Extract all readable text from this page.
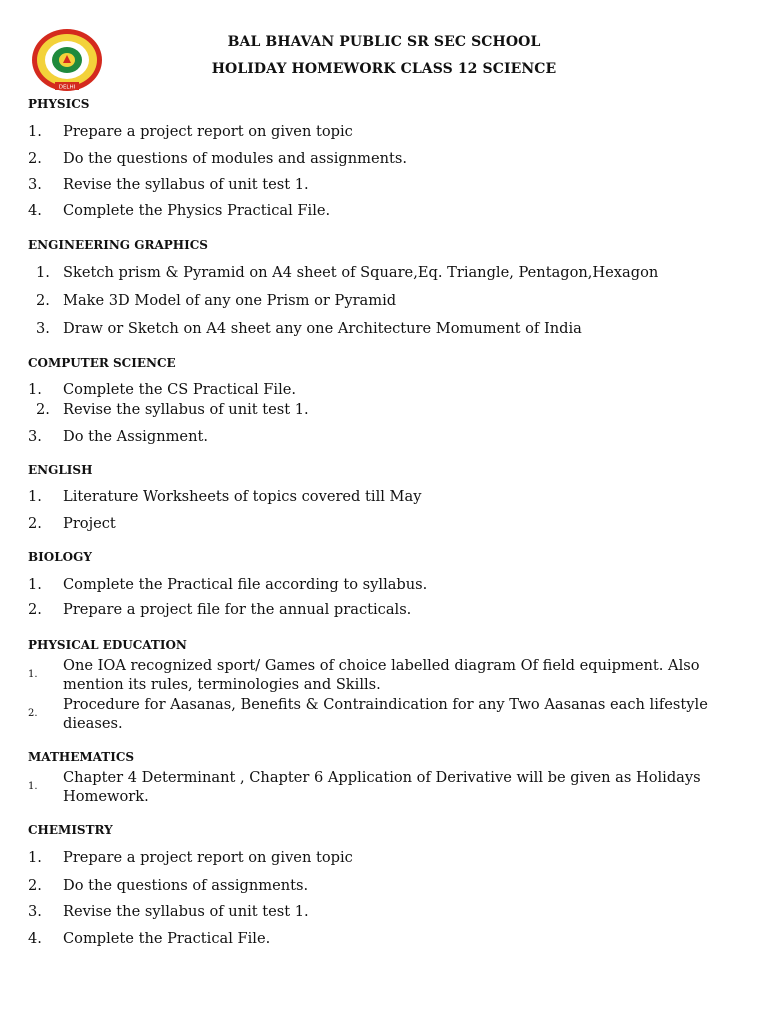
DELHI
BAL BHAVAN PUBLIC SR SEC SCHOOL
HOLIDAY HOMEWORK CLASS 12 SCIENCE
PHYSICS
1. Prepare a project report on given topic
2. Do the questions of modules and assignments.
3. Revise the syllabus of unit test 1.
4. Complete the Physics Practical File.
ENGINEERING GRAPHICS
1. Sketch prism & Pyramid on A4 sheet of Square,Eq. Triangle, Pentagon,Hexagon
2. Make 3D Model of any one Prism or Pyramid
3. Draw or Sketch on A4 sheet any one Architecture Momument of India
COMPUTER SCIENCE
1. Complete the CS Practical File.
2. Revise the syllabus of unit test 1.
3. Do the Assignment.
ENGLISH
1. Literature Worksheets of topics covered till May
2. Project
BIOLOGY
1. Complete the Practical file according to syllabus.
2. Prepare a project file for the annual practicals.
PHYSICAL EDUCATION
1.
One IOA recognized sport/ Games of choice labelled diagram Of field equipment. Also mention its rules, terminologies and Skills.
2.
Procedure for Aasanas, Benefits & Contraindication for any Two Aasanas each lifestyle dieases.
MATHEMATICS
1.
Chapter 4 Determinant , Chapter 6 Application of Derivative will be given as Holidays Homework.
CHEMISTRY
1. Prepare a project report on given topic
2. Do the questions of assignments.
3. Revise the syllabus of unit test 1.
4. Complete the Practical File.
